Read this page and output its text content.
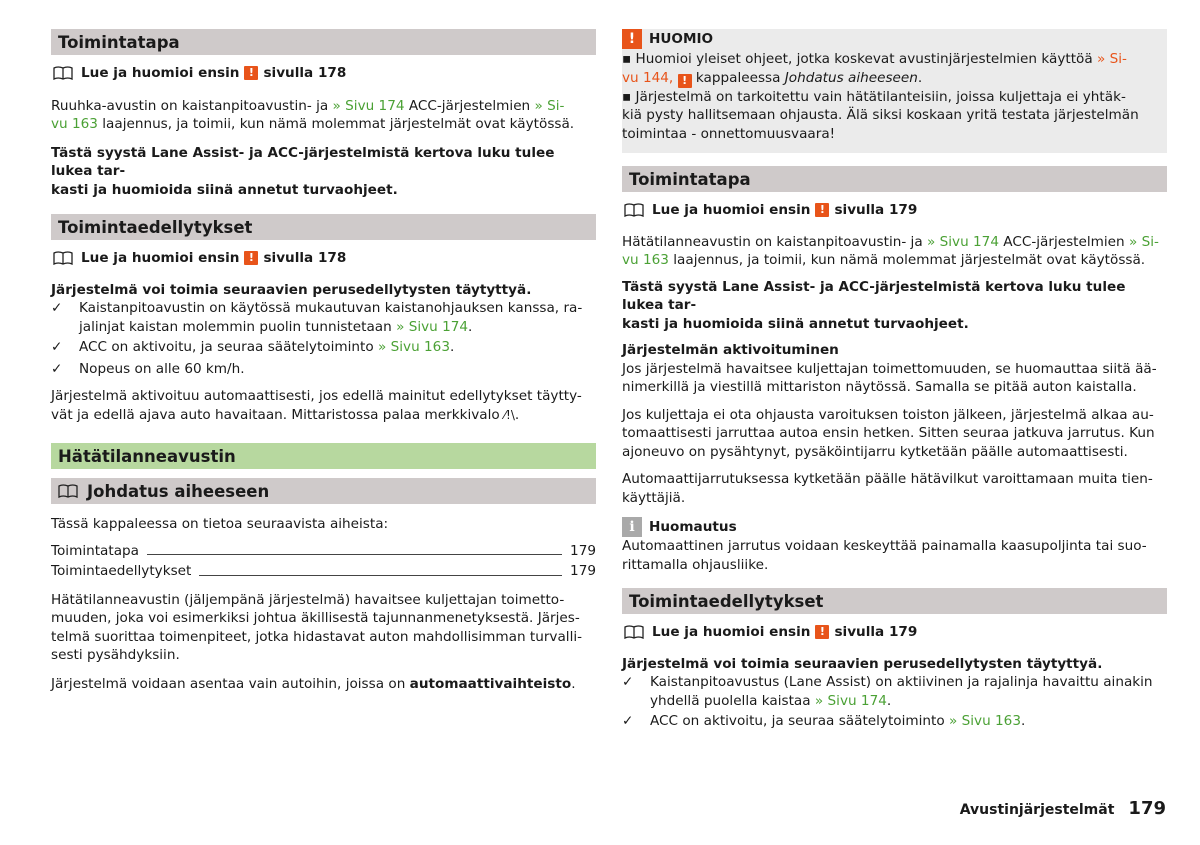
Toimintatapa
Lue ja huomioi ensin ! sivulla 178

Ruuhka-avustin on kaistanpitoavustin- ja » Sivu 174 ACC-järjestelmien » Si-
vu 163 laajennus, ja toimii, kun nämä molemmat järjestelmät ovat käytössä.

Tästä syystä Lane Assist- ja ACC-järjestelmistä kertova luku tulee lukea tar-
kasti ja huomioida siinä annetut turvaohjeet.

Toimintaedellytykset
Lue ja huomioi ensin ! sivulla 178

Järjestelmä voi toimia seuraavien perusedellytysten täytyttyä.

✓	Kaistanpitoavustin on käytössä mukautuvan kaistanohjauksen kanssa, ra-
jalinjat kaistan molemmin puolin tunnistetaan » Sivu 174.
✓	ACC on aktivoitu, ja seuraa säätelytoiminto » Sivu 163.
✓	Nopeus on alle 60 km/h.

Järjestelmä aktivoituu automaattisesti, jos edellä mainitut edellytykset täytty-
vät ja edellä ajava auto havaitaan. Mittaristossa palaa merkkivalo ⁄!\.

Hätätilanneavustin
Johdatus aiheeseen

Tässä kappaleessa on tietoa seuraavista aiheista:

Toimintatapa	179
Toimintaedellytykset	179

Hätätilanneavustin (jäljempänä järjestelmä) havaitsee kuljettajan toimetto-
muuden, joka voi esimerkiksi johtua äkillisestä tajunnanmenetyksestä. Järjes-
telmä suorittaa toimenpiteet, jotka hidastavat auton mahdollisimman turvalli-
sesti pysähdyksiin.

Järjestelmä voidaan asentaa vain autoihin, joissa on automaattivaihteisto.

!	HUOMIO
▪ Huomioi yleiset ohjeet, jotka koskevat avustinjärjestelmien käyttöä » Si-
vu 144, ! kappaleessa Johdatus aiheeseen.
▪ Järjestelmä on tarkoitettu vain hätätilanteisiin, joissa kuljettaja ei yhtäk-
kiä pysty hallitsemaan ohjausta. Älä siksi koskaan yritä testata järjestelmän
toimintaa - onnettomuusvaara!
Toimintatapa
Lue ja huomioi ensin ! sivulla 179

Hätätilanneavustin on kaistanpitoavustin- ja » Sivu 174 ACC-järjestelmien » Si-
vu 163 laajennus, ja toimii, kun nämä molemmat järjestelmät ovat käytössä.

Tästä syystä Lane Assist- ja ACC-järjestelmistä kertova luku tulee lukea tar-
kasti ja huomioida siinä annetut turvaohjeet.

Järjestelmän aktivoituminen

Jos järjestelmä havaitsee kuljettajan toimettomuuden, se huomauttaa siitä ää-
nimerkillä ja viestillä mittariston näytössä. Samalla se pitää auton kaistalla.

Jos kuljettaja ei ota ohjausta varoituksen toiston jälkeen, järjestelmä alkaa au-
tomaattisesti jarruttaa autoa ensin hetken. Sitten seuraa jatkuva jarrutus. Kun
ajoneuvo on pysähtynyt, pysäköintijarru kytketään päälle automaattisesti.

Automaattijarrutuksessa kytketään päälle hätävilkut varoittamaan muita tien-
käyttäjiä.

i	Huomautus

Automaattinen jarrutus voidaan keskeyttää painamalla kaasupoljinta tai suo-
rittamalla ohjausliike.

Toimintaedellytykset
Lue ja huomioi ensin ! sivulla 179

Järjestelmä voi toimia seuraavien perusedellytysten täytyttyä.

✓	Kaistanpitoavustus (Lane Assist) on aktiivinen ja rajalinja havaittu ainakin
yhdellä puolella kaistaa » Sivu 174.
✓	ACC on aktivoitu, ja seuraa säätelytoiminto » Sivu 163.
Avustinjärjestelmät 179
